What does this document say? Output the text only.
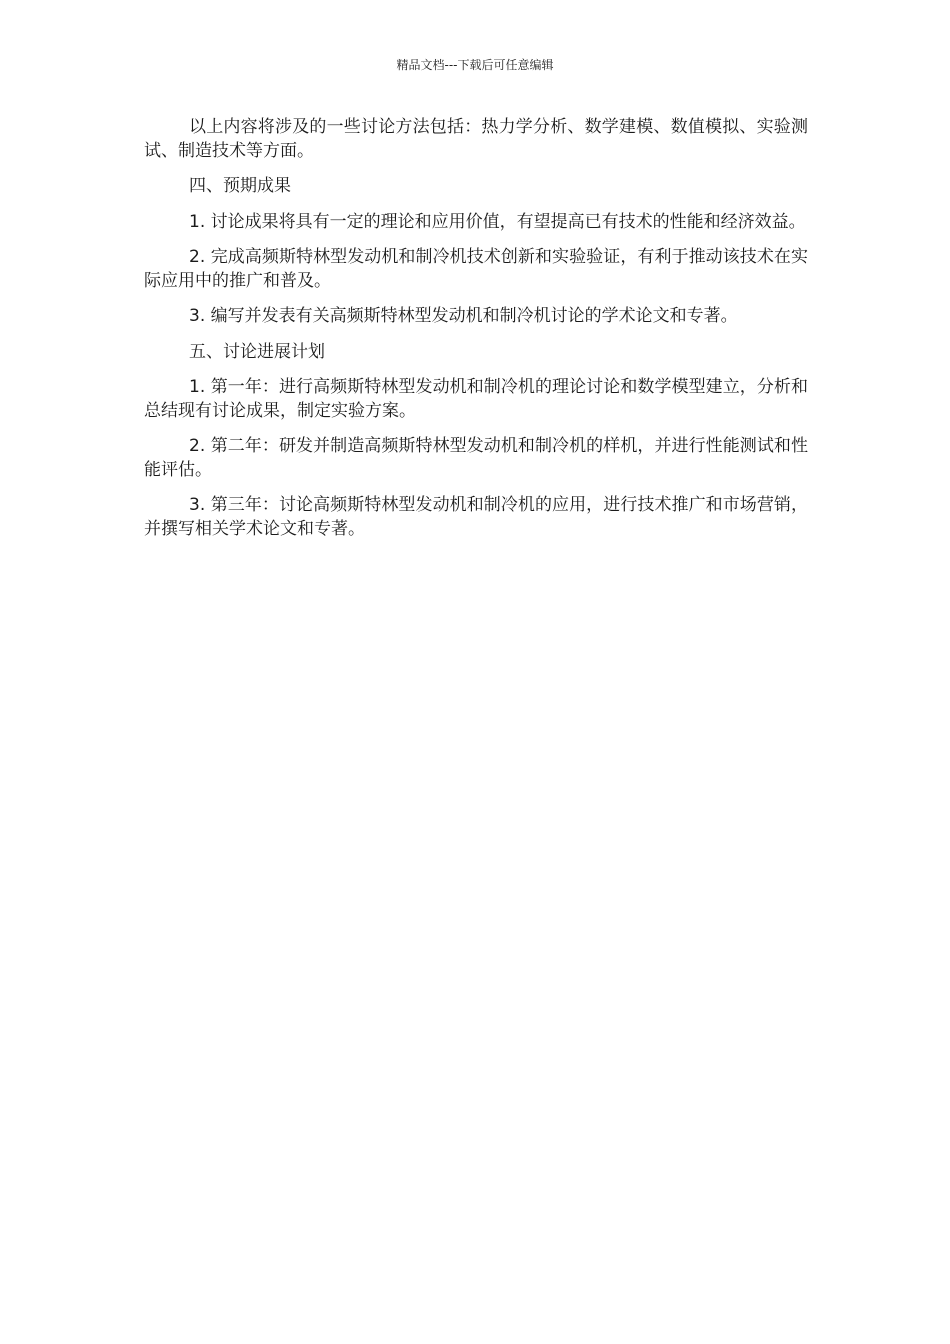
精品文档---下载后可任意编辑

以上内容将涉及的一些讨论方法包括：热力学分析、数学建模、数值模拟、实验测试、制造技术等方面。

四、预期成果

1. 讨论成果将具有一定的理论和应用价值，有望提高已有技术的性能和经济效益。

2. 完成高频斯特林型发动机和制冷机技术创新和实验验证，有利于推动该技术在实际应用中的推广和普及。

3. 编写并发表有关高频斯特林型发动机和制冷机讨论的学术论文和专著。

五、讨论进展计划

1. 第一年：进行高频斯特林型发动机和制冷机的理论讨论和数学模型建立，分析和总结现有讨论成果，制定实验方案。

2. 第二年：研发并制造高频斯特林型发动机和制冷机的样机，并进行性能测试和性能评估。

3. 第三年：讨论高频斯特林型发动机和制冷机的应用，进行技术推广和市场营销，并撰写相关学术论文和专著。
